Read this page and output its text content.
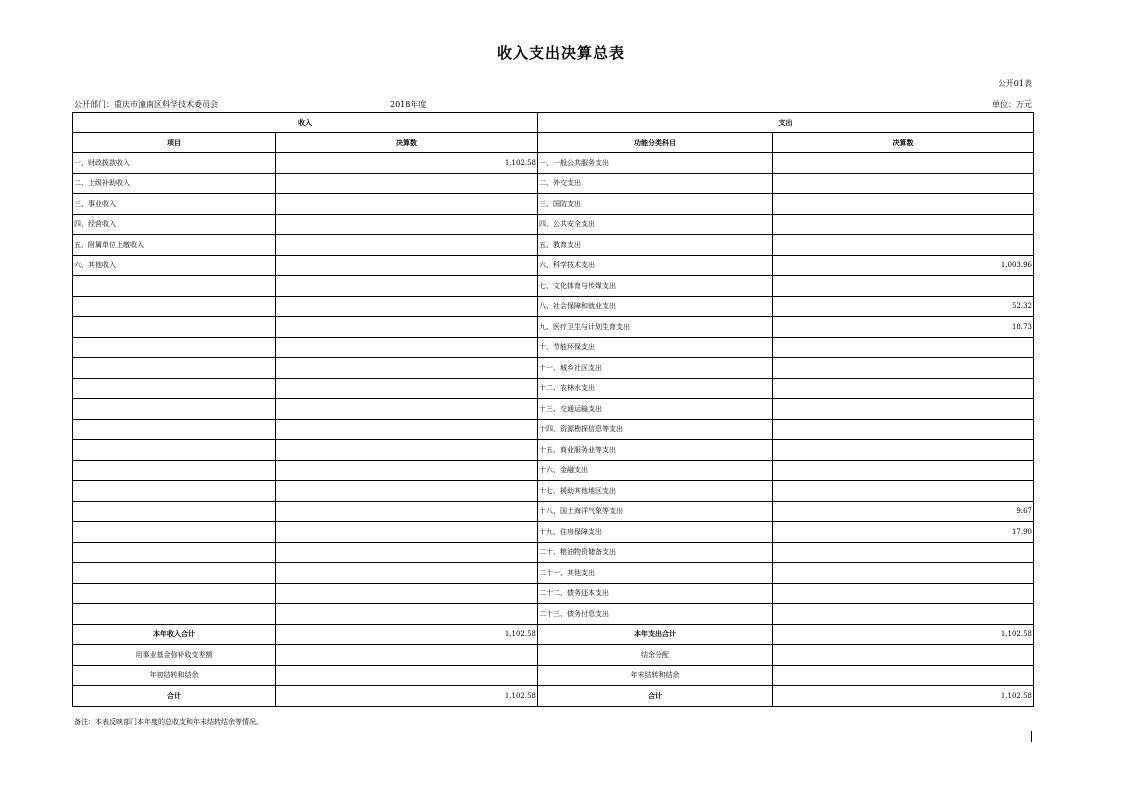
收入支出决算总表
公开01表
公开部门：重庆市潼南区科学技术委员会	2018年度	单位：万元
收入		支出	
项目	决算数	功能分类科目	决算数
一、财政拨款收入	1,102.58	一、一般公共服务支出	
二、上级补助收入		二、外交支出	
三、事业收入		三、国防支出	
四、经营收入		四、公共安全支出	
五、附属单位上缴收入		五、教育支出	
六、其他收入		六、科学技术支出	1,003.96
		七、文化体育与传媒支出	
		八、社会保障和就业支出	52.32
		九、医疗卫生与计划生育支出	18.73
		十、节能环保支出	
		十一、城乡社区支出	
		十二、农林水支出	
		十三、交通运输支出	
		十四、资源勘探信息等支出	
		十五、商业服务业等支出	
		十六、金融支出	
		十七、援助其他地区支出	
		十八、国土海洋气象等支出	9.67
		十九、住房保障支出	17.90
		二十、粮油物资储备支出	
		二十一、其他支出	
		二十二、债务还本支出	
		二十三、债务付息支出	
本年收入合计	1,102.58	本年支出合计	1,102.58
用事业基金弥补收支差额		结余分配	
年初结转和结余		年末结转和结余	
合计	1,102.58	合计	1,102.58
备注：本表反映部门本年度的总收支和年末结转结余等情况。
